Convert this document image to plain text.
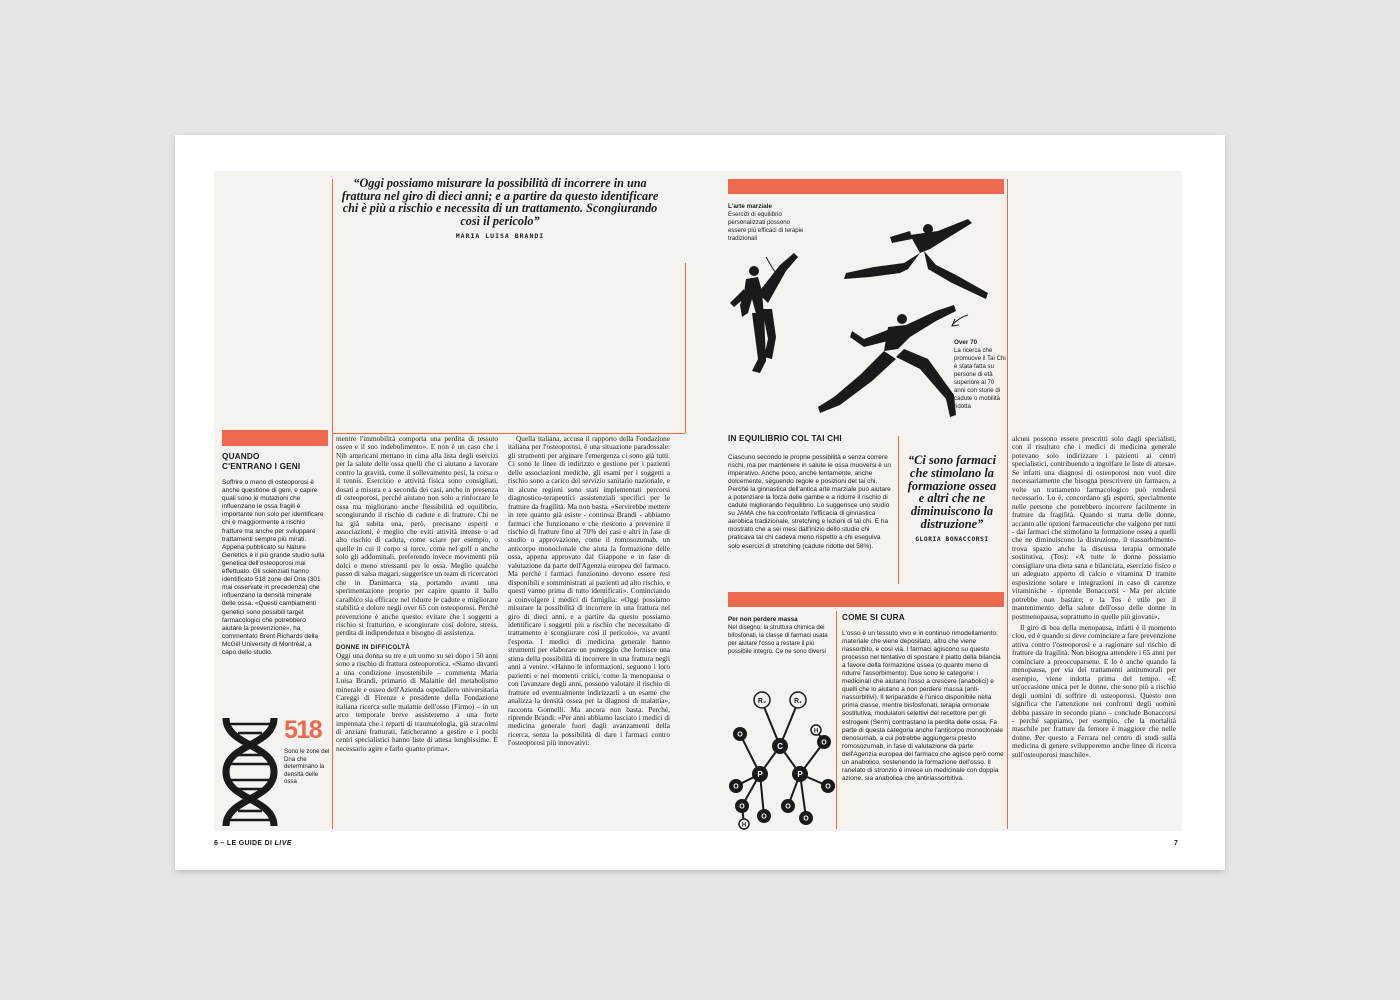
“Oggi possiamo misurare la possibilità di incorrere in una frattura nel giro di dieci anni; e a partire da questo identificare chi è più a rischio e necessita di un trattamento. Scongiurando così il pericolo”

MARIA LUISA BRANDI
QUANDO C'ENTRANO I GENI

Soffrire o meno di osteoporosi è anche questione di geni, e capire quali sono le mutazioni che influenzano le ossa fragili è importante non solo per identificare chi è maggiormente a rischio fratture ma anche per sviluppare trattamenti sempre più mirati. Appena pubblicato su Nature Genetics è il più grande studio sulla genetica dell'osteoporosi mai effettuato. Gli scienziati hanno identificato 518 zone del Dna (301 mai osservate in precedenza) che influenzano la densità minerale delle ossa. «Questi cambiamenti genetici sono possibili target farmacologici che potrebbero aiutare la prevenzione», ha commentato Brent Richards della McGill University di Montréal, a capo dello studio.

518

Sono le zone del Dna che determinano la densità delle ossa

mentre l'immobilità comporta una perdita di tessuto osseo e il suo indebolimento». E non è un caso che i Nih americani mettano in cima alla lista degli esercizi per la salute delle ossa quelli che ci aiutano a lavorare contro la gravità, come il sollevamento pesi, la corsa o il tennis. Esercizio e attività fisica sono consigliati, dosati a misura e a seconda dei casi, anche in presenza di osteoporosi, perché aiutano non solo a rinforzare le ossa ma migliorano anche flessibilità ed equilibrio, scongiurando il rischio di cadute e di fratture. Chi ne ha già subita una, però, precisano esperti e associazioni, è meglio che eviti attività intense o ad alto rischio di caduta, come sciare per esempio, o quelle in cui il corpo si torce, come nel golf o anche solo gli addominali, preferendo invece movimenti più dolci e meno stressanti per le ossa. Meglio qualche passo di salsa magari, suggerisce un team di ricercatori che in Danimarca sta portando avanti una sperimentazione proprio per capire quanto il ballo caraibico sia efficace nel ridurre le cadute e migliorare stabilità e dolore negli over 65 con osteoporosi. Perché prevenzione è anche questo: evitare che i soggetti a rischio si fratturino, e scongiurare così dolore, stress, perdita di indipendenza e bisogno di assistenza.

DONNE IN DIFFICOLTÀ

Oggi una donna su tre e un uomo su sei dopo i 50 anni sono a rischio di frattura osteoporotica. «Siamo davanti a una condizione insostenibile – commenta Maria Luisa Brandi, primario di Malattie del metabolismo minerale e osseo dell'Azienda ospedaliero universitaria Careggi di Firenze e presidente della Fondazione italiana ricerca sulle malattie dell'osso (Firmo) – in un arco temporale breve assisteremo a una forte impennata che i reparti di traumatologia, già stracolmi di anziani fratturati, faticheranno a gestire e i pochi centri specialistici hanno liste di attesa lunghissime. È necessario agire e farlo quanto prima».

Quella italiana, accusa il rapporto della Fondazione italiana per l'osteoporosi, è una situazione paradossale: gli strumenti per arginare l'emergenza ci sono già tutti. Ci sono le linee di indirizzo e gestione per i pazienti delle associazioni mediche, gli esami per i soggetti a rischio sono a carico del servizio sanitario nazionale, e in alcune regioni sono stati implementati percorsi diagnostico-terapeutici assistenziali specifici per le fratture da fragilità. Ma non basta. «Servirebbe mettere in rete quanto già esiste - continua Brandi - abbiamo farmaci che funzionano e che riescono a prevenire il rischio di fratture fino al 70% dei casi e altri in fase di studio o approvazione, come il romosozumab, un anticorpo monoclonale che aiuta la formazione delle ossa, appena approvato dal Giappone e in fase di valutazione da parte dell'Agenzia europea del farmaco. Ma perché i farmaci funzionino devono essere resi disponibili e somministrati ai pazienti ad alto rischio, e questi vanno prima di tutto identificati». Cominciando a coinvolgere i medici di famiglia: «Oggi possiamo misurare la possibilità di incorrere in una frattura nel giro di dieci anni, e a partire da questo possiamo identificare i soggetti più a rischio che necessitano di trattamento e scongiurare così il pericolo», va avanti l'esperta. I medici di medicina generale hanno strumenti per elaborare un punteggio che fornisce una stima della possibilità di incorrere in una frattura negli anni a venire. «Hanno le informazioni, seguono i loro pazienti e nei momenti critici, come la menopausa o con l'avanzare degli anni, possono valutare il rischio di fratture ed eventualmente indirizzarli a un esame che analizza la densità ossea per la diagnosi di malattia», racconta Gonnelli. Ma ancora non basta. Perché, riprende Brandi: «Per anni abbiamo lasciato i medici di medicina generale fuori dagli avanzamenti della ricerca, senza la possibilità di dare i farmaci contro l'osteoporosi più innovativi:

6 – LE GUIDE DI LIVE
L'arte marziale
Esercizi di equilibrio personalizzati possono essere più efficaci di terapie tradizionali
Over 70
La ricerca che promuove il Tai Chi è stata fatta su persone di età superiore al 70 anni con storie di cadute o mobilità ridotta
IN EQUILIBRIO COL TAI CHI

Ciascuno secondo le proprie possibilità e senza correre rischi, ma per mantenere in salute le ossa muoversi è un imperativo. Anche poco, anche lentamente, anche dolcemente, seguendo regole e posizioni del tai chi. Perché la ginnastica dell'antica arte marziale può aiutare a potenziare la forza delle gambe e a ridurre il rischio di cadute migliorando l'equilibrio. Lo suggerisce uno studio su JAMA che ha confrontato l'efficacia di ginnastica aerobica tradizionale, stretching e lezioni di tai chi. E ha mostrato che a sei mesi dall'inizio dello studio chi praticava tai chi cadeva meno rispetto a chi eseguiva solo esercizi di stretching (cadute ridotte del 58%).

“Ci sono farmaci che stimolano la formazione ossea e altri che ne diminuiscono la distruzione”

GLORIA BONACCORSI
Per non perdere massa
Nel disegno: la struttura chimica dei bifosfonati, la classe di farmaci usata per aiutare l'osso a restare il più possibile integro. Ce ne sono diversi
R₂	R₁
H
H
C
P	P
O
O
O
O
O
O
O
O
COME SI CURA

L'osso è un tessuto vivo e in continuo rimodellamento: materiale che viene depositato, altro che viene riassorbito, e così via. I farmaci agiscono su questo processo nel tentativo di spostare il piatto della bilancia a favore della formazione ossea (o quanto meno di ridurre l'assorbimento). Due sono le categorie: i medicinali che aiutano l'osso a crescere (anabolici) e quelli che lo aiutano a non perdere massa (anti-riassorbitivi). Il teriparatide è l'unico disponibile nella prima classe, mentre bisfosfonati, terapia ormonale sostitutiva, modulatori selettivi del recettore per gli estrogeni (Serm) contrastano la perdita delle ossa. Fa parte di questa categoria anche l'anticorpo monoclonale denosumab, a cui potrebbe aggiungersi presto romosozumab, in fase di valutazione da parte dell'Agenzia europea del farmaco che agisce però come un anabolico, sostenendo la formazione dell'osso. Il ranelato di stronzio è invece un medicinale con doppia azione, sia anabolica che antiriassorbitiva.

alcuni possono essere prescritti solo dagli specialisti, con il risultato che i medici di medicina generale potevano solo indirizzare i pazienti ai centri specialistici, contribuendo a ingolfare le liste di attesa». Se infatti una diagnosi di osteoporosi non vuol dire necessariamente che bisogna prescrivere un farmaco, a volte un trattamento farmacologico può rendersi necessario. Lo è, concordano gli esperti, specialmente nelle persone che potrebbero incorrere facilmente in fratture da fragilità. Quando si tratta delle donne, accanto alle opzioni farmaceutiche che valgono per tutti - dai farmaci che stimolano la formazione ossea a quelli che ne diminuiscono la distruzione, il riassorbimento- trova spazio anche la discussa terapia ormonale sostitutiva, (Tos): «A tutte le donne possiamo consigliare una dieta sana e bilanciata, esercizio fisico e un adeguato apporto di calcio e vitamina D tramite esposizione solare e integrazioni in caso di carenze vitaminiche - riprende Bonaccorsi - Ma per alcune potrebbe non bastare; e la Tos è utile per il mantenimento della salute dell'osso delle donne in postmenopausa, soprattutto in quelle più giovani».

Il giro di boa della menopausa, infatti è il momento clou, ed è quando si deve cominciare a fare prevenzione attiva contro l'osteoporosi e a ragionare sul rischio di fratture da fragilità. Non bisogna attendere i 65 anni per cominciare a preoccuparsene. E lo è anche quando la menopausa, per via dei trattamenti antitumorali per esempio, viene indotta prima del tempo. «È un'occasione unica per le donne, che sono più a rischio degli uomini di soffrire di osteoporosi. Questo non significa che l'attenzione nei confronti degli uomini debba passare in secondo piano – conclude Bonaccorsi - perché sappiamo, per esempio, che la mortalità maschile per fratture da femore è maggiore che nelle donne. Per questo a Ferrara nel centro di studi sulla medicina di genere svilupperemo anche linee di ricerca sull'osteoporosi maschile».

7
